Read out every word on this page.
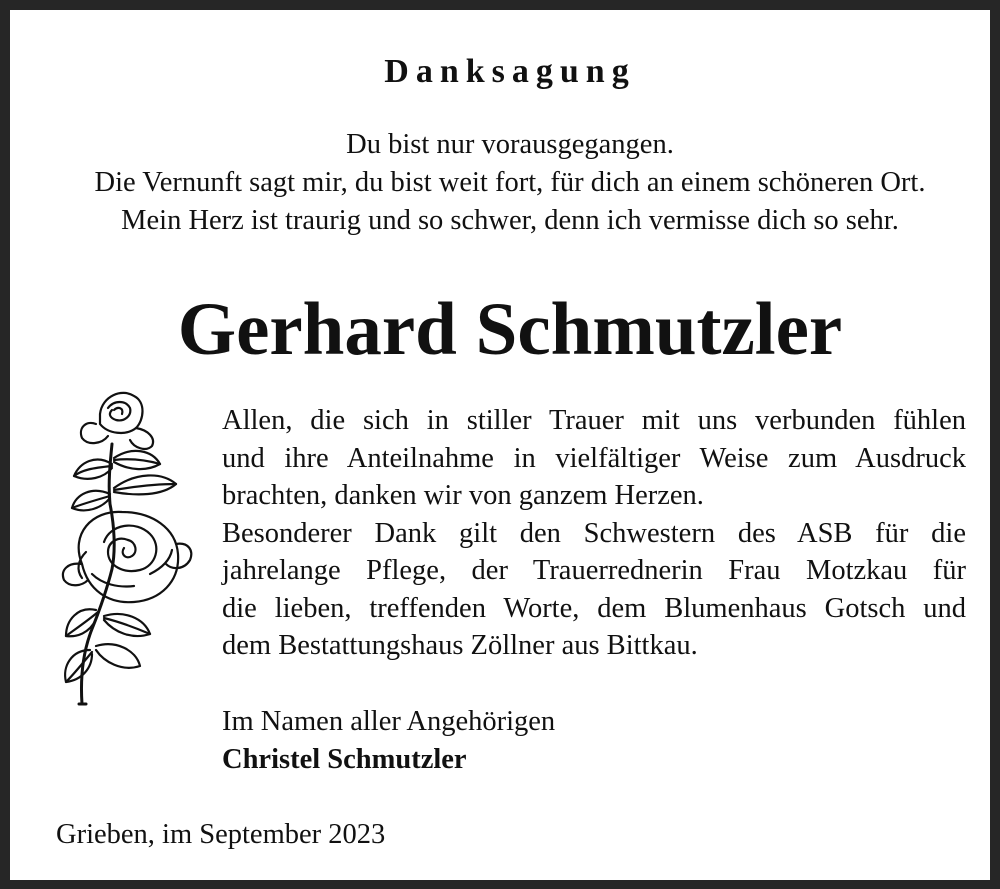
Danksagung
Du bist nur vorausgegangen.
Die Vernunft sagt mir, du bist weit fort, für dich an einem schöneren Ort.
Mein Herz ist traurig und so schwer, denn ich vermisse dich so sehr.
Gerhard Schmutzler
Allen, die sich in stiller Trauer mit uns verbunden fühlen
und ihre Anteilnahme in vielfältiger Weise zum Ausdruck
brachten, danken wir von ganzem Herzen.
Besonderer Dank gilt den Schwestern des ASB für die
jahrelange Pflege, der Trauerrednerin Frau Motzkau für
die lieben, treffenden Worte, dem Blumenhaus Gotsch und
dem Bestattungshaus Zöllner aus Bittkau.
Im Namen aller Angehörigen
Christel Schmutzler
Grieben, im September 2023
